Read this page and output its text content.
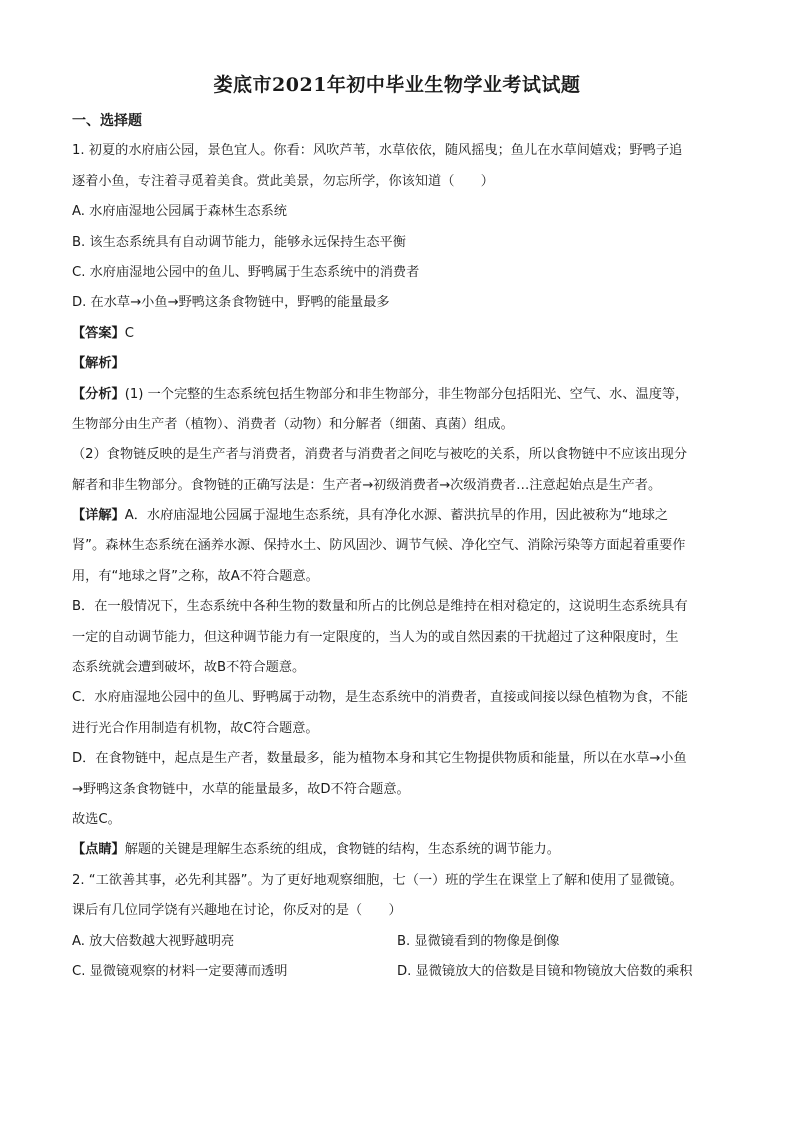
娄底市2021年初中毕业生物学业考试试题
一、选择题
1. 初夏的水府庙公园，景色宜人。你看：风吹芦苇，水草依依，随风摇曳；鱼儿在水草间嬉戏；野鸭子追
逐着小鱼，专注着寻觅着美食。赏此美景，勿忘所学，你该知道（　　）
A. 水府庙湿地公园属于森林生态系统
B. 该生态系统具有自动调节能力，能够永远保持生态平衡
C. 水府庙湿地公园中的鱼儿、野鸭属于生态系统中的消费者
D. 在水草→小鱼→野鸭这条食物链中，野鸭的能量最多
【答案】C
【解析】
【分析】(1) 一个完整的生态系统包括生物部分和非生物部分，非生物部分包括阳光、空气、水、温度等，
生物部分由生产者（植物）、消费者（动物）和分解者（细菌、真菌）组成。
（2）食物链反映的是生产者与消费者，消费者与消费者之间吃与被吃的关系，所以食物链中不应该出现分
解者和非生物部分。食物链的正确写法是：生产者→初级消费者→次级消费者…注意起始点是生产者。
【详解】A．水府庙湿地公园属于湿地生态系统，具有净化水源、蓄洪抗旱的作用，因此被称为“地球之
肾”。森林生态系统在涵养水源、保持水土、防风固沙、调节气候、净化空气、消除污染等方面起着重要作
用，有“地球之肾”之称，故A不符合题意。
B．在一般情况下，生态系统中各种生物的数量和所占的比例总是维持在相对稳定的，这说明生态系统具有
一定的自动调节能力，但这种调节能力有一定限度的，当人为的或自然因素的干扰超过了这种限度时，生
态系统就会遭到破坏，故B不符合题意。
C．水府庙湿地公园中的鱼儿、野鸭属于动物，是生态系统中的消费者，直接或间接以绿色植物为食，不能
进行光合作用制造有机物，故C符合题意。
D．在食物链中，起点是生产者，数量最多，能为植物本身和其它生物提供物质和能量，所以在水草→小鱼
→野鸭这条食物链中，水草的能量最多，故D不符合题意。
故选C。
【点睛】解题的关键是理解生态系统的组成，食物链的结构，生态系统的调节能力。
2. “工欲善其事，必先利其器”。为了更好地观察细胞，七（一）班的学生在课堂上了解和使用了显微镜。
课后有几位同学饶有兴趣地在讨论，你反对的是（　　）
A. 放大倍数越大视野越明亮	B. 显微镜看到的物像是倒像
C. 显微镜观察的材料一定要薄而透明	D. 显微镜放大的倍数是目镜和物镜放大倍数的乘积
